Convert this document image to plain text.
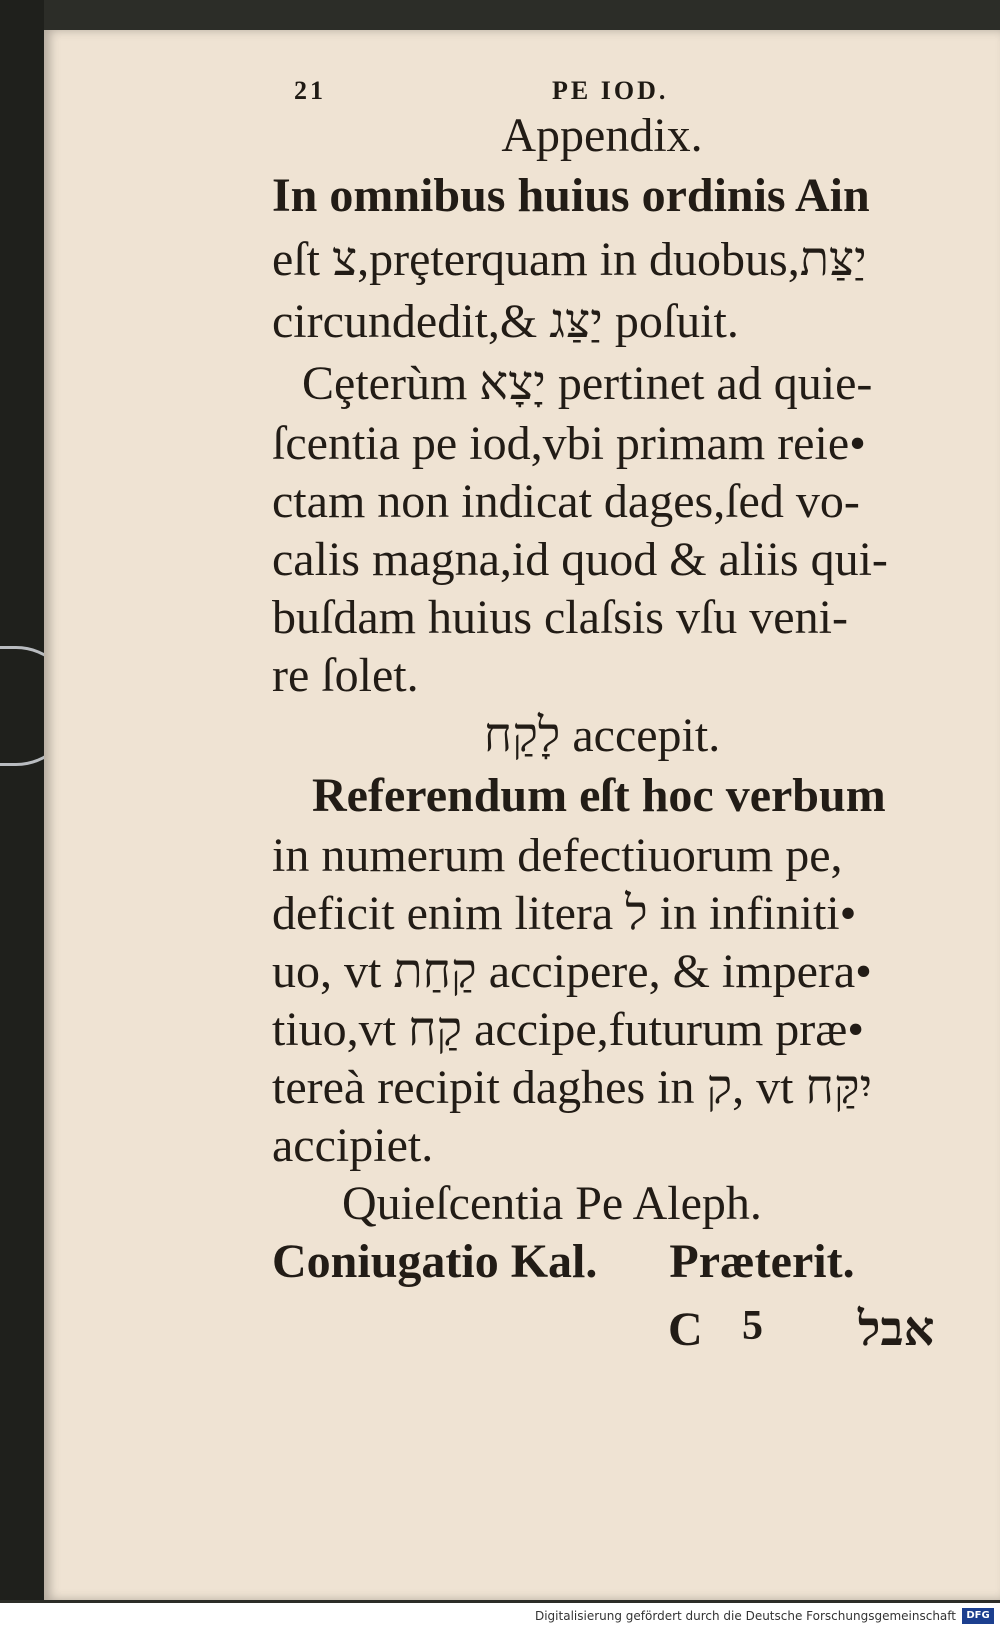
21	PE IOD.
Appendix.
In omnibus huius ordinis Ain
eſt צ,prȩterquam in duobus,יַצַּת
circundedit,& יַצַּג poſuit.
Cȩterùm יָצָא pertinet ad quie-
ſcentia pe iod,vbi primam reie•
ctam non indicat dages,ſed vo-
calis magna,id quod & aliis qui-
buſdam huius claſsis vſu veni-
re ſolet.
לָקַח accepit.
Referendum eſt hoc verbum
in numerum defectiuorum pe,
deficit enim litera ל in infiniti•
uo, vt קַחַת accipere, & impera•
tiuo,vt קַח accipe,futurum præ•
tereà recipit daghes in ק, vt יִקַּח
accipiet.
Quieſcentia Pe Aleph.
Coniugatio Kal.      Præterit.
C 5 אבל
Digitalisierung gefördert durch die Deutsche Forschungsgemeinschaft	DFG
